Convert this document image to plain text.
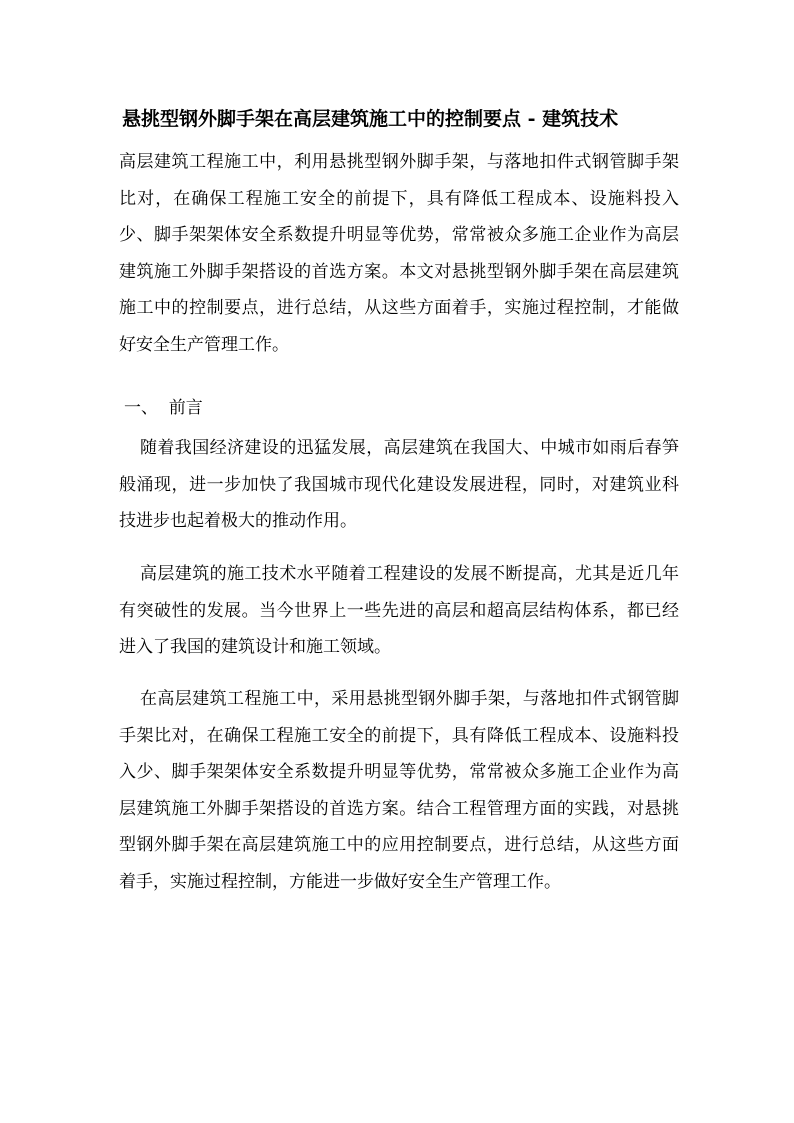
悬挑型钢外脚手架在高层建筑施工中的控制要点 - 建筑技术

高层建筑工程施工中，利用悬挑型钢外脚手架，与落地扣件式钢管脚手架比对，在确保工程施工安全的前提下，具有降低工程成本、设施料投入少、脚手架架体安全系数提升明显等优势，常常被众多施工企业作为高层建筑施工外脚手架搭设的首选方案。本文对悬挑型钢外脚手架在高层建筑施工中的控制要点，进行总结，从这些方面着手，实施过程控制，才能做好安全生产管理工作。

一、  前言

随着我国经济建设的迅猛发展，高层建筑在我国大、中城市如雨后春笋般涌现，进一步加快了我国城市现代化建设发展进程，同时，对建筑业科技进步也起着极大的推动作用。

高层建筑的施工技术水平随着工程建设的发展不断提高，尤其是近几年有突破性的发展。当今世界上一些先进的高层和超高层结构体系，都已经进入了我国的建筑设计和施工领域。

在高层建筑工程施工中，采用悬挑型钢外脚手架，与落地扣件式钢管脚手架比对，在确保工程施工安全的前提下，具有降低工程成本、设施料投入少、脚手架架体安全系数提升明显等优势，常常被众多施工企业作为高层建筑施工外脚手架搭设的首选方案。结合工程管理方面的实践，对悬挑型钢外脚手架在高层建筑施工中的应用控制要点，进行总结，从这些方面着手，实施过程控制，方能进一步做好安全生产管理工作。
